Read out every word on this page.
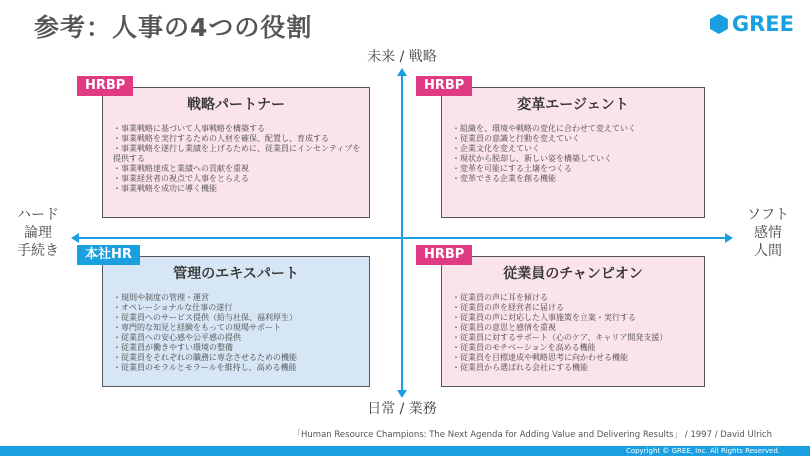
参考：人事の4つの役割	GREE
未来 / 戦略
日常 / 業務
ハード
論理
手続き
ソフト
感情
人間
HRBP
戦略パートナー
・事業戦略に基づいて人事戦略を構築する
・事業戦略を実行するための人材を確保、配置し、育成する
・事業戦略を遂行し業績を上げるために、従業員にインセンティブを提供する
・事業戦略達成と業績への貢献を重視
・事業経営者の視点で人事をとらえる
・事業戦略を成功に導く機能
HRBP
変革エージェント
・組織を、環境や戦略の変化に合わせて変えていく
・従業員の意識と行動を変えていく
・企業文化を変えていく
・現状から脱却し、新しい姿を構築していく
・変革を可能にする土壌をつくる
・変革できる企業を創る機能
本社HR
管理のエキスパート
・規則や制度の管理・運営
・オペレーショナルな仕事の遂行
・従業員へのサービス提供（給与社保、福利厚生）
・専門的な知見と経験をもっての現場サポート
・従業員への安心感や公平感の提供
・従業員が働きやすい環境の整備
・従業員をそれぞれの職務に専念させるための機能
・従業員のモラルとモラールを維持し、高める機能
HRBP
従業員のチャンピオン
・従業員の声に耳を傾ける
・従業員の声を経営者に届ける
・従業員の声に対応した人事施策を立案・実行する
・従業員の意思と感情を重視
・従業員に対するサポート（心のケア、キャリア開発支援）
・従業員のモチベーションを高める機能
・従業員を目標達成や戦略思考に向かわせる機能
・従業員から選ばれる会社にする機能
「Human Resource Champions: The Next Agenda for Adding Value and Delivering Results」 / 1997 / David Ulrich
Copyright © GREE, Inc. All Rights Reserved.
